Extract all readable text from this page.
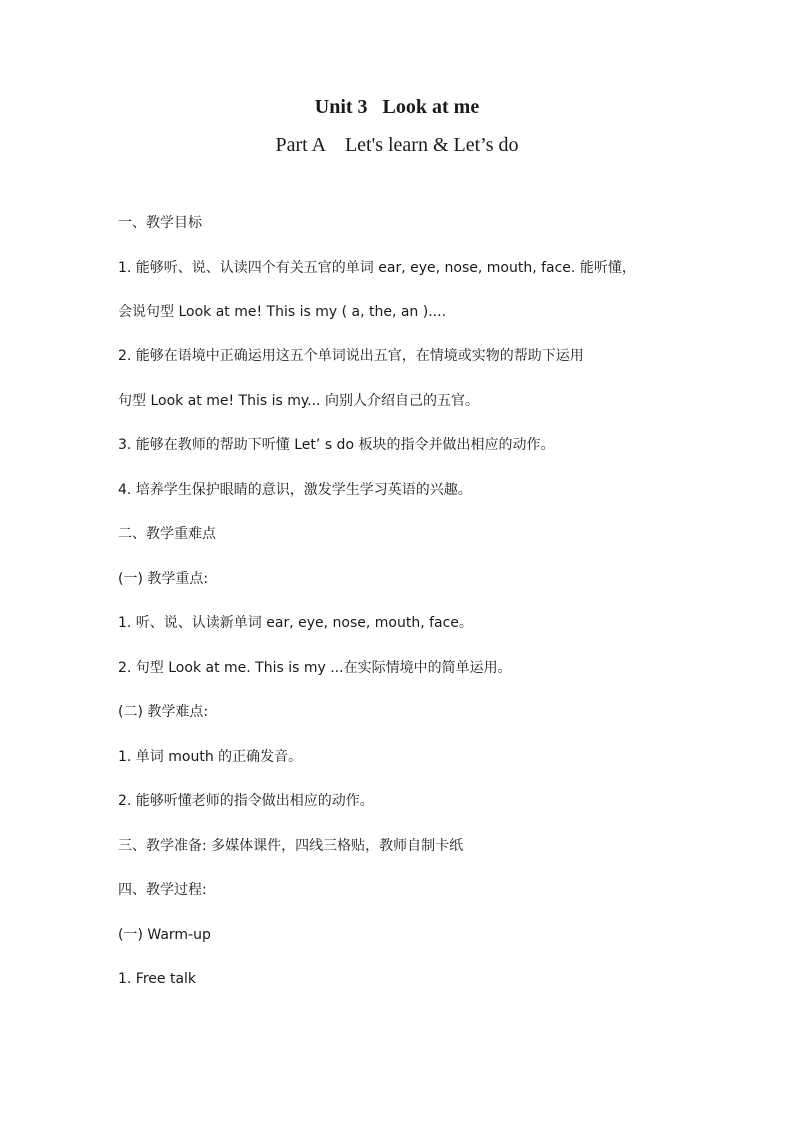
Unit 3   Look at me
Part A    Let's learn & Let’s do
一、教学目标
1. 能够听、说、认读四个有关五官的单词 ear, eye, nose, mouth, face. 能听懂，
会说句型 Look at me! This is my ( a, the, an )....
2. 能够在语境中正确运用这五个单词说出五官，在情境或实物的帮助下运用
句型 Look at me! This is my... 向别人介绍自己的五官。
3. 能够在教师的帮助下听懂 Let’ s do 板块的指令并做出相应的动作。
4. 培养学生保护眼睛的意识，激发学生学习英语的兴趣。
二、教学重难点
(一) 教学重点:
1. 听、说、认读新单词 ear, eye, nose, mouth, face。
2. 句型 Look at me. This is my ...在实际情境中的简单运用。
(二) 教学难点:
1. 单词 mouth 的正确发音。
2. 能够听懂老师的指令做出相应的动作。
三、教学准备: 多媒体课件，四线三格贴，教师自制卡纸
四、教学过程:
(一) Warm-up
1. Free talk
